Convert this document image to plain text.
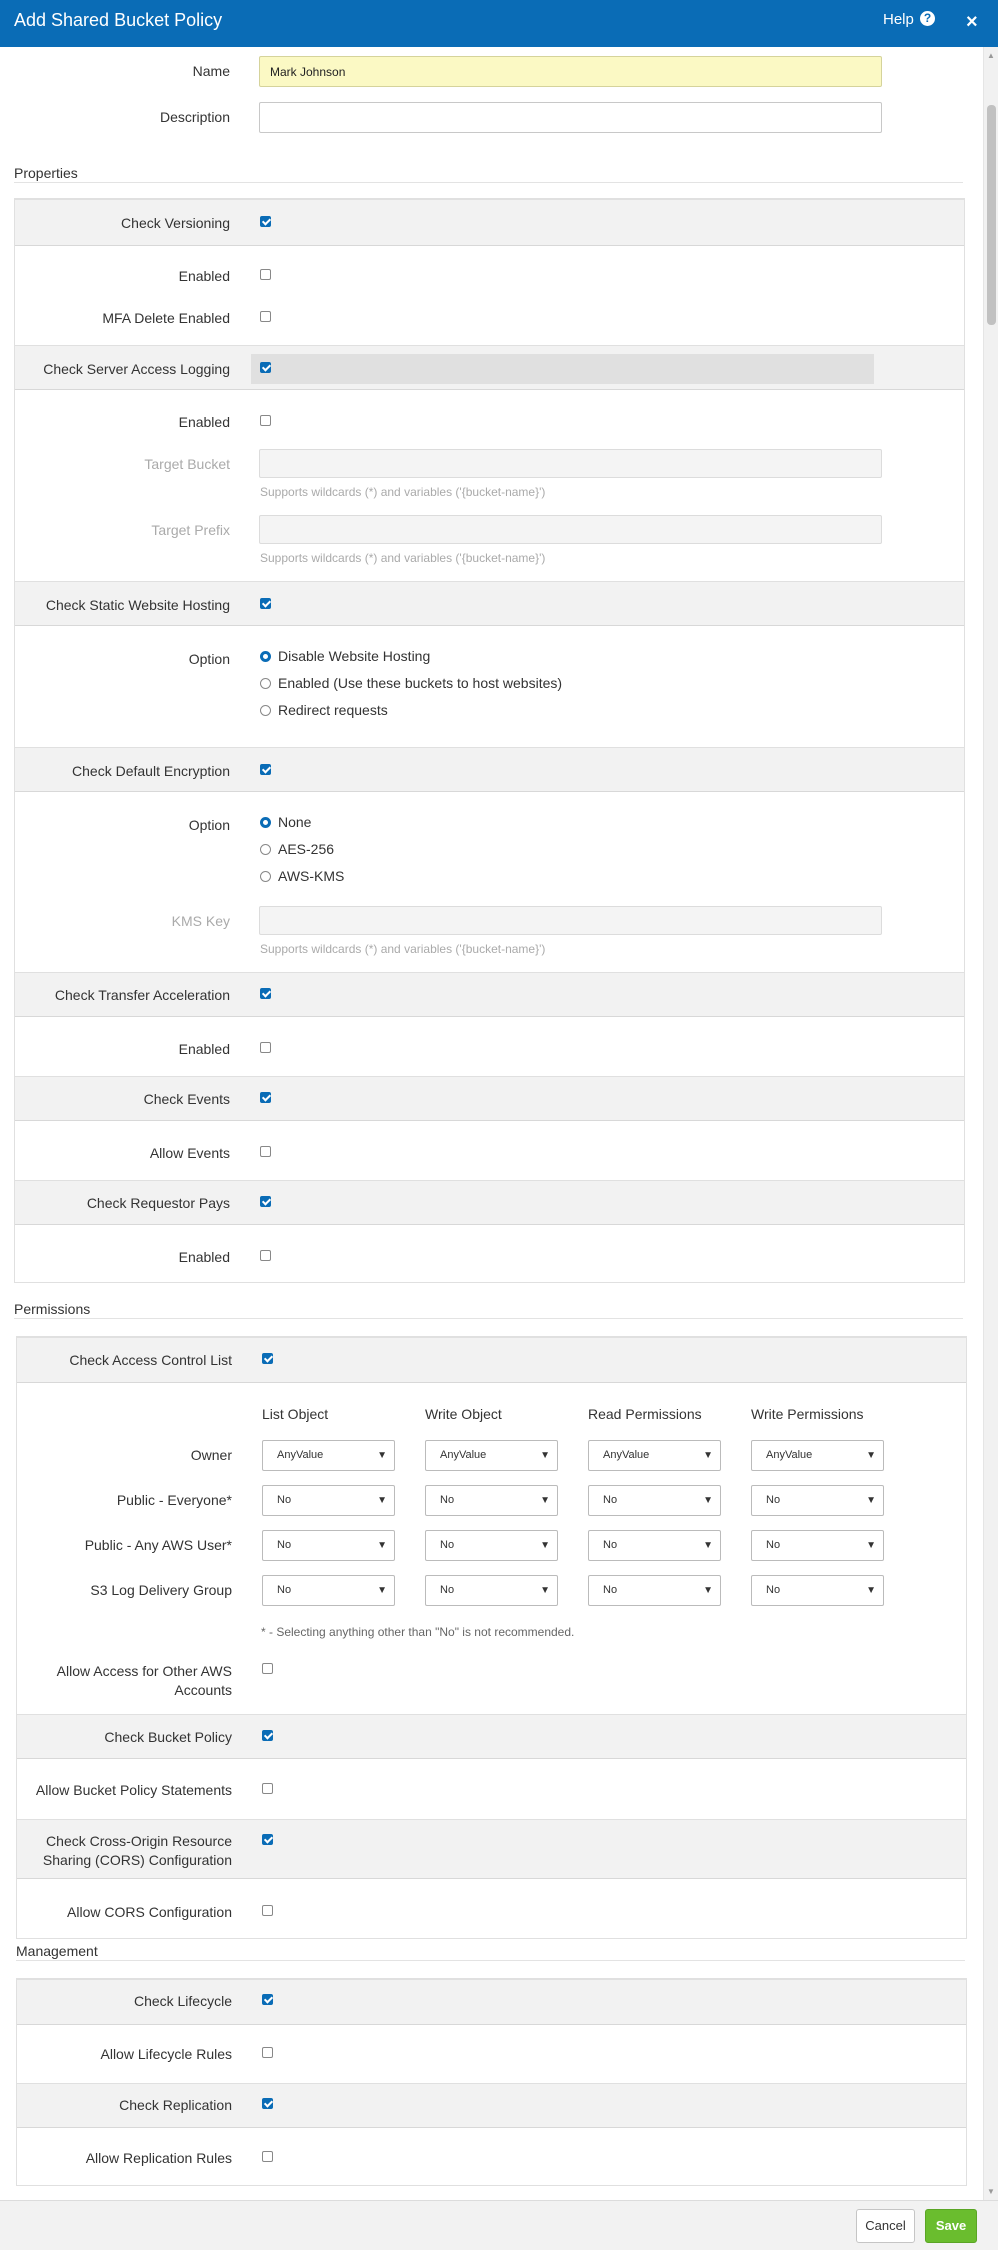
Add Shared Bucket Policy	Help ? ×
▲
▼
Name
Mark Johnson
Description
Properties
Check Versioning
Enabled
MFA Delete Enabled
Check Server Access Logging
Enabled
Target Bucket
Supports wildcards (*) and variables ('{bucket-name}')
Target Prefix
Supports wildcards (*) and variables ('{bucket-name}')
Check Static Website Hosting
Option	Disable Website Hosting
Enabled (Use these buckets to host websites)
Redirect requests
Check Default Encryption
Option	None
AES-256
AWS-KMS
KMS Key
Supports wildcards (*) and variables ('{bucket-name}')
Check Transfer Acceleration
Enabled
Check Events
Allow Events
Check Requestor Pays
Enabled
Permissions
Check Access Control List
List Object	Write Object	Read Permissions	Write Permissions
Owner	AnyValue	▼	AnyValue	▼	AnyValue	▼	AnyValue	▼
Public - Everyone*	No	▼	No	▼	No	▼	No	▼
Public - Any AWS User*	No	▼	No	▼	No	▼	No	▼
S3 Log Delivery Group	No	▼	No	▼	No	▼	No	▼
* - Selecting anything other than "No" is not recommended.
Allow Access for Other AWS Accounts
Check Bucket Policy
Allow Bucket Policy Statements
Check Cross-Origin Resource Sharing (CORS) Configuration
Allow CORS Configuration
Management
Check Lifecycle
Allow Lifecycle Rules
Check Replication
Allow Replication Rules
Cancel	Save
